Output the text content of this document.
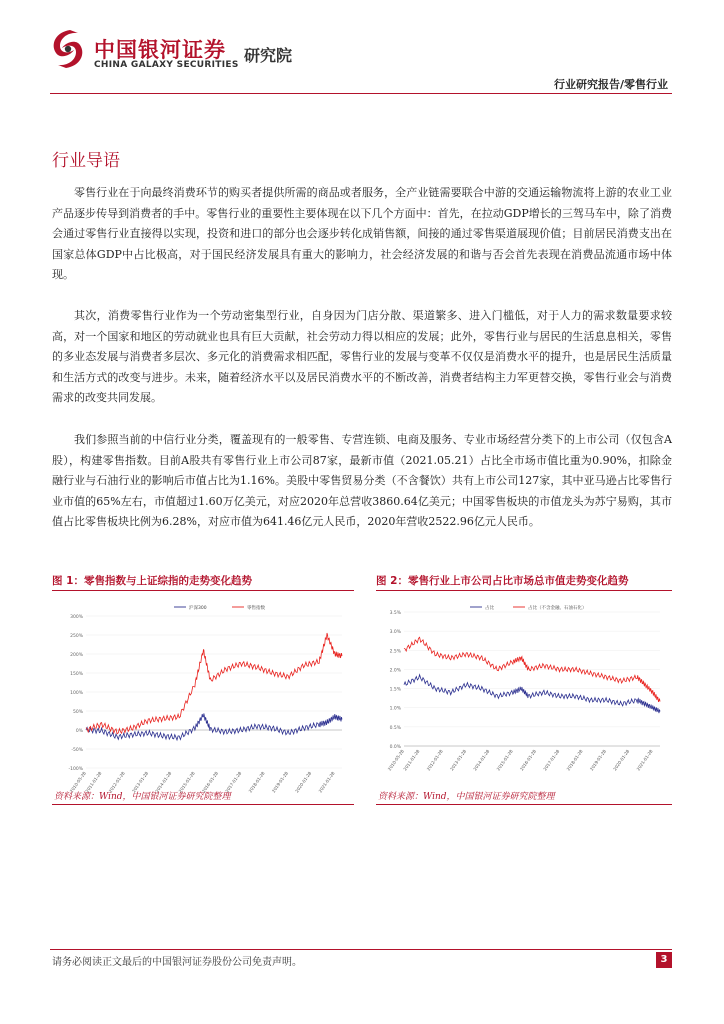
中国银河证券
CHINA GALAXY SECURITIES 研究院
行业研究报告/零售行业
行业导语

零售行业在于向最终消费环节的购买者提供所需的商品或者服务，全产业链需要联合中游的交通运输物流将上游的农业工业产品逐步传导到消费者的手中。零售行业的重要性主要体现在以下几个方面中：首先，在拉动GDP增长的三驾马车中，除了消费会通过零售行业直接得以实现，投资和进口的部分也会逐步转化成销售额，间接的通过零售渠道展现价值；目前居民消费支出在国家总体GDP中占比极高，对于国民经济发展具有重大的影响力，社会经济发展的和谐与否会首先表现在消费品流通市场中体现。

其次，消费零售行业作为一个劳动密集型行业，自身因为门店分散、渠道繁多、进入门槛低，对于人力的需求数量要求较高，对一个国家和地区的劳动就业也具有巨大贡献，社会劳动力得以相应的发展；此外，零售行业与居民的生活息息相关，零售的多业态发展与消费者多层次、多元化的消费需求相匹配，零售行业的发展与变革不仅仅是消费水平的提升，也是居民生活质量和生活方式的改变与进步。未来，随着经济水平以及居民消费水平的不断改善，消费者结构主力军更替交换，零售行业会与消费需求的改变共同发展。

我们参照当前的中信行业分类，覆盖现有的一般零售、专营连锁、电商及服务、专业市场经营分类下的上市公司（仅包含A股），构建零售指数。目前A股共有零售行业上市公司87家，最新市值（2021.05.21）占比全市场市值比重为0.90%，扣除金融行业与石油行业的影响后市值占比为1.16%。美股中零售贸易分类（不含餐饮）共有上市公司127家，其中亚马逊占比零售行业市值的65%左右，市值超过1.60万亿美元，对应2020年总营收3860.64亿美元；中国零售板块的市值龙头为苏宁易购，其市值占比零售板块比例为6.28%，对应市值为641.46亿元人民币，2020年营收2522.96亿元人民币。

图 1：零售指数与上证综指的走势变化趋势
300%
250%
200%
150%
100%
50%
0%
-50%
-100%
2010-05-28
2011-01-28 2012-01-28 2013-01-28 2014-01-28 2015-01-28 2016-01-28 2017-01-28 2018-01-28 2019-01-28 2020-01-28 2021-01-28
沪深300	零售指数
资料来源：Wind，中国银河证券研究院整理
图 2：零售行业上市公司占比市场总市值走势变化趋势
3.5%
3.0%
2.5%
2.0%
1.5%
1.0%
0.5%
0.0%
2010-05-28
2011-01-28 2012-01-28 2013-01-28 2014-01-28 2015-01-28 2016-01-28 2017-01-28 2018-01-28 2019-01-28 2020-01-28 2021-01-28
占比	占比（不含金融、石油石化）
资料来源：Wind，中国银河证券研究院整理
请务必阅读正文最后的中国银河证券股份公司免责声明。	3
